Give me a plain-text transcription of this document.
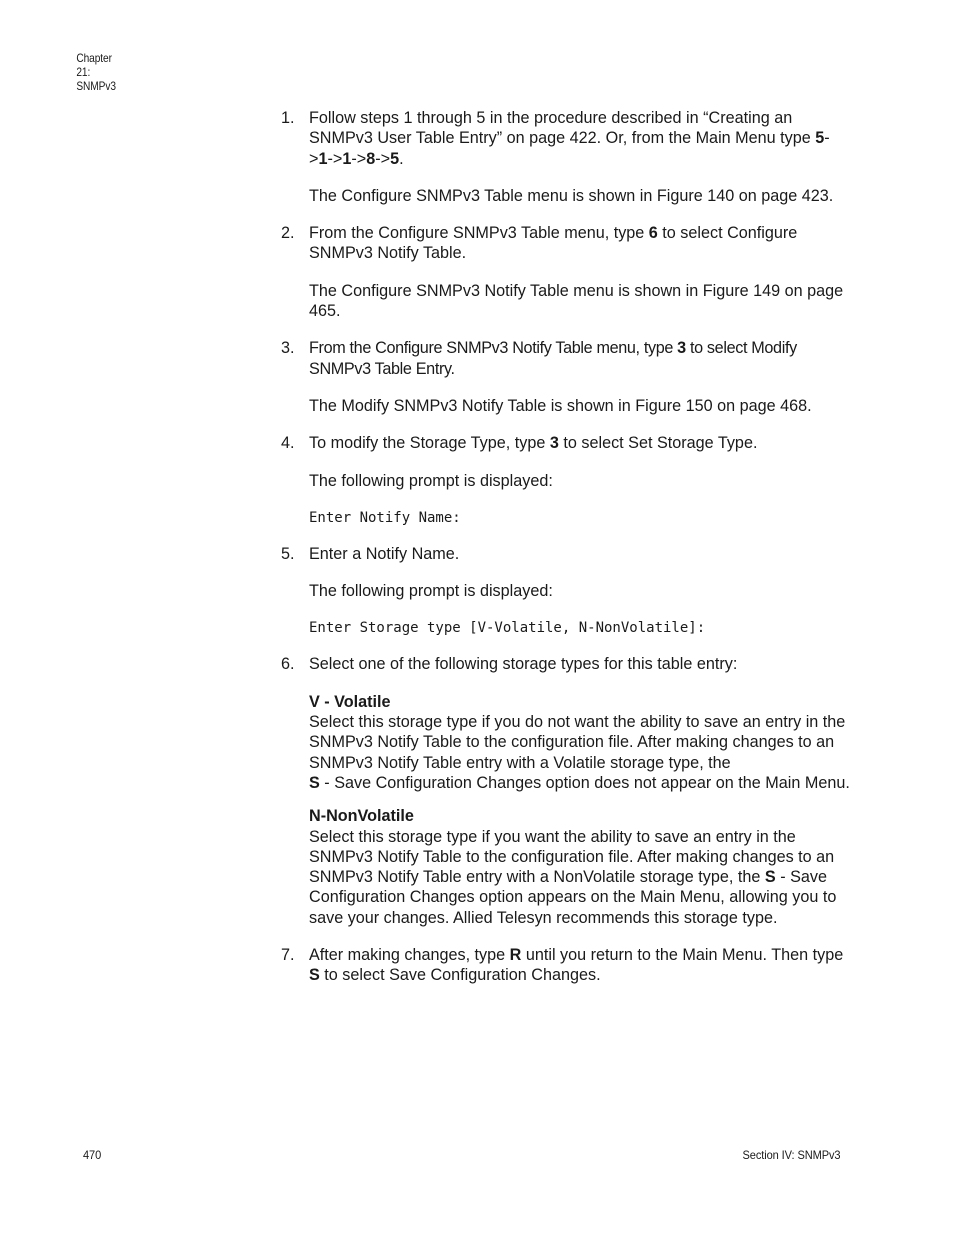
Chapter 21: SNMPv3
1. Follow steps 1 through 5 in the procedure described in “Creating an SNMPv3 User Table Entry” on page 422. Or, from the Main Menu type 5->1->1->8->5.

The Configure SNMPv3 Table menu is shown in Figure 140 on page 423.

2. From the Configure SNMPv3 Table menu, type 6 to select Configure SNMPv3 Notify Table.

The Configure SNMPv3 Notify Table menu is shown in Figure 149 on page 465.

3. From the Configure SNMPv3 Notify Table menu, type 3 to select Modify SNMPv3 Table Entry.

The Modify SNMPv3 Notify Table is shown in Figure 150 on page 468.

4. To modify the Storage Type, type 3 to select Set Storage Type.

The following prompt is displayed:

Enter Notify Name:
5. Enter a Notify Name.

The following prompt is displayed:

Enter Storage type [V-Volatile, N-NonVolatile]:
6. Select one of the following storage types for this table entry:

V - Volatile
Select this storage type if you do not want the ability to save an entry in the SNMPv3 Notify Table to the configuration file. After making changes to an SNMPv3 Notify Table entry with a Volatile storage type, the
S - Save Configuration Changes option does not appear on the Main Menu.
N-NonVolatile

Select this storage type if you want the ability to save an entry in the SNMPv3 Notify Table to the configuration file. After making changes to an SNMPv3 Notify Table entry with a NonVolatile storage type, the S - Save Configuration Changes option appears on the Main Menu, allowing you to save your changes. Allied Telesyn recommends this storage type.

7. After making changes, type R until you return to the Main Menu. Then type S to select Save Configuration Changes.

470	Section IV: SNMPv3
